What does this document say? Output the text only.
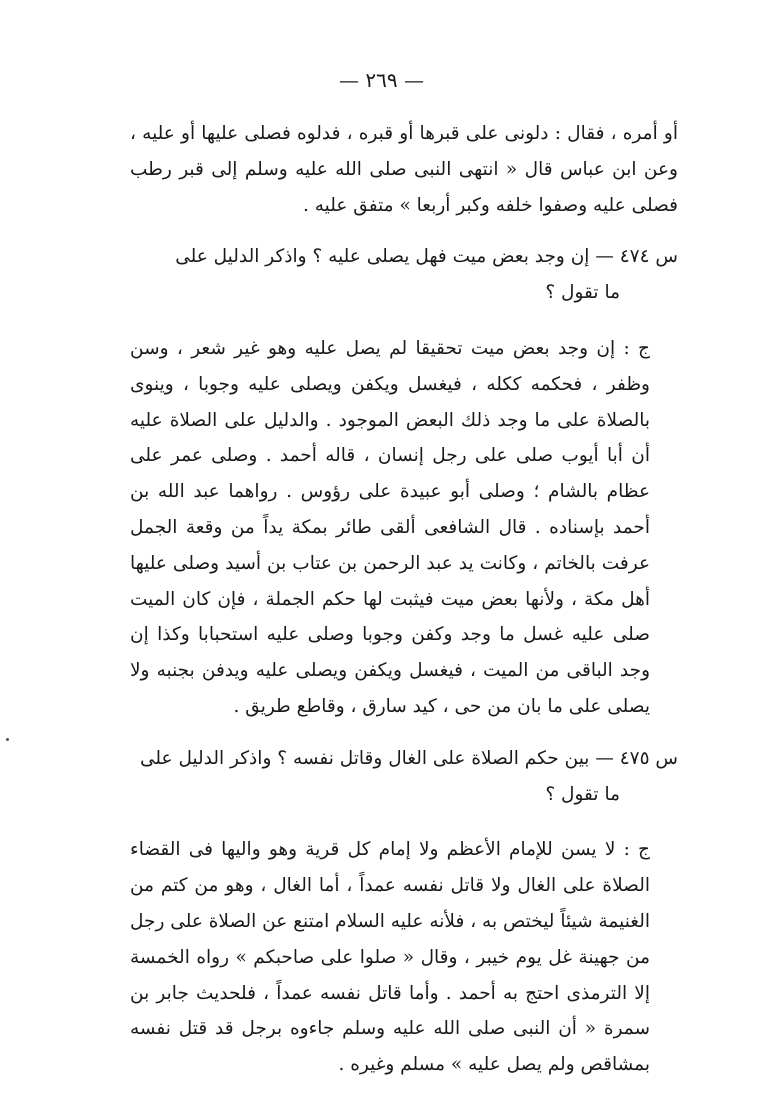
— ٢٦٩ —

أو أمره ، فقال : دلونى على قبرها أو قبره ، فدلوه فصلى عليها أو عليه ، وعن ابن عباس قال « انتهى النبى صلى الله عليه وسلم إلى قبر رطب فصلى عليه وصفوا خلفه وكبر أربعا » متفق عليه .

س ٤٧٤ — إن وجد بعض ميت فهل يصلى عليه ؟ واذكر الدليل على

ما تقول ؟

ج : إن وجد بعض ميت تحقيقا لم يصل عليه وهو غير شعر ، وسن وظفر ، فحكمه ككله ، فيغسل ويكفن ويصلى عليه وجوبا ، وينوى بالصلاة على ما وجد ذلك البعض الموجود . والدليل على الصلاة عليه أن أبا أيوب صلى على رجل إنسان ، قاله أحمد . وصلى عمر على عظام بالشام ؛ وصلى أبو عبيدة على رؤوس . رواهما عبد الله بن أحمد بإسناده . قال الشافعى ألقى طائر بمكة يداً من وقعة الجمل عرفت بالخاتم ، وكانت يد عبد الرحمن بن عتاب بن أسيد وصلى عليها أهل مكة ، ولأنها بعض ميت فيثبت لها حكم الجملة ، فإن كان الميت صلى عليه غسل ما وجد وكفن وجوبا وصلى عليه استحبابا وكذا إن وجد الباقى من الميت ، فيغسل ويكفن ويصلى عليه ويدفن بجنبه ولا يصلى على ما بان من حى ، كيد سارق ، وقاطع طريق .

س ٤٧٥ — بين حكم الصلاة على الغال وقاتل نفسه ؟ واذكر الدليل على

ما تقول ؟

ج : لا يسن للإمام الأعظم ولا إمام كل قرية وهو واليها فى القضاء الصلاة على الغال ولا قاتل نفسه عمداً ، أما الغال ، وهو من كتم من الغنيمة شيئاً ليختص به ، فلأنه عليه السلام امتنع عن الصلاة على رجل من جهينة غل يوم خيبر ، وقال « صلوا على صاحبكم » رواه الخمسة إلا الترمذى احتج به أحمد . وأما قاتل نفسه عمداً ، فلحديث جابر بن سمرة « أن النبى صلى الله عليه وسلم جاءوه برجل قد قتل نفسه بمشاقص ولم يصل عليه » مسلم وغيره .
